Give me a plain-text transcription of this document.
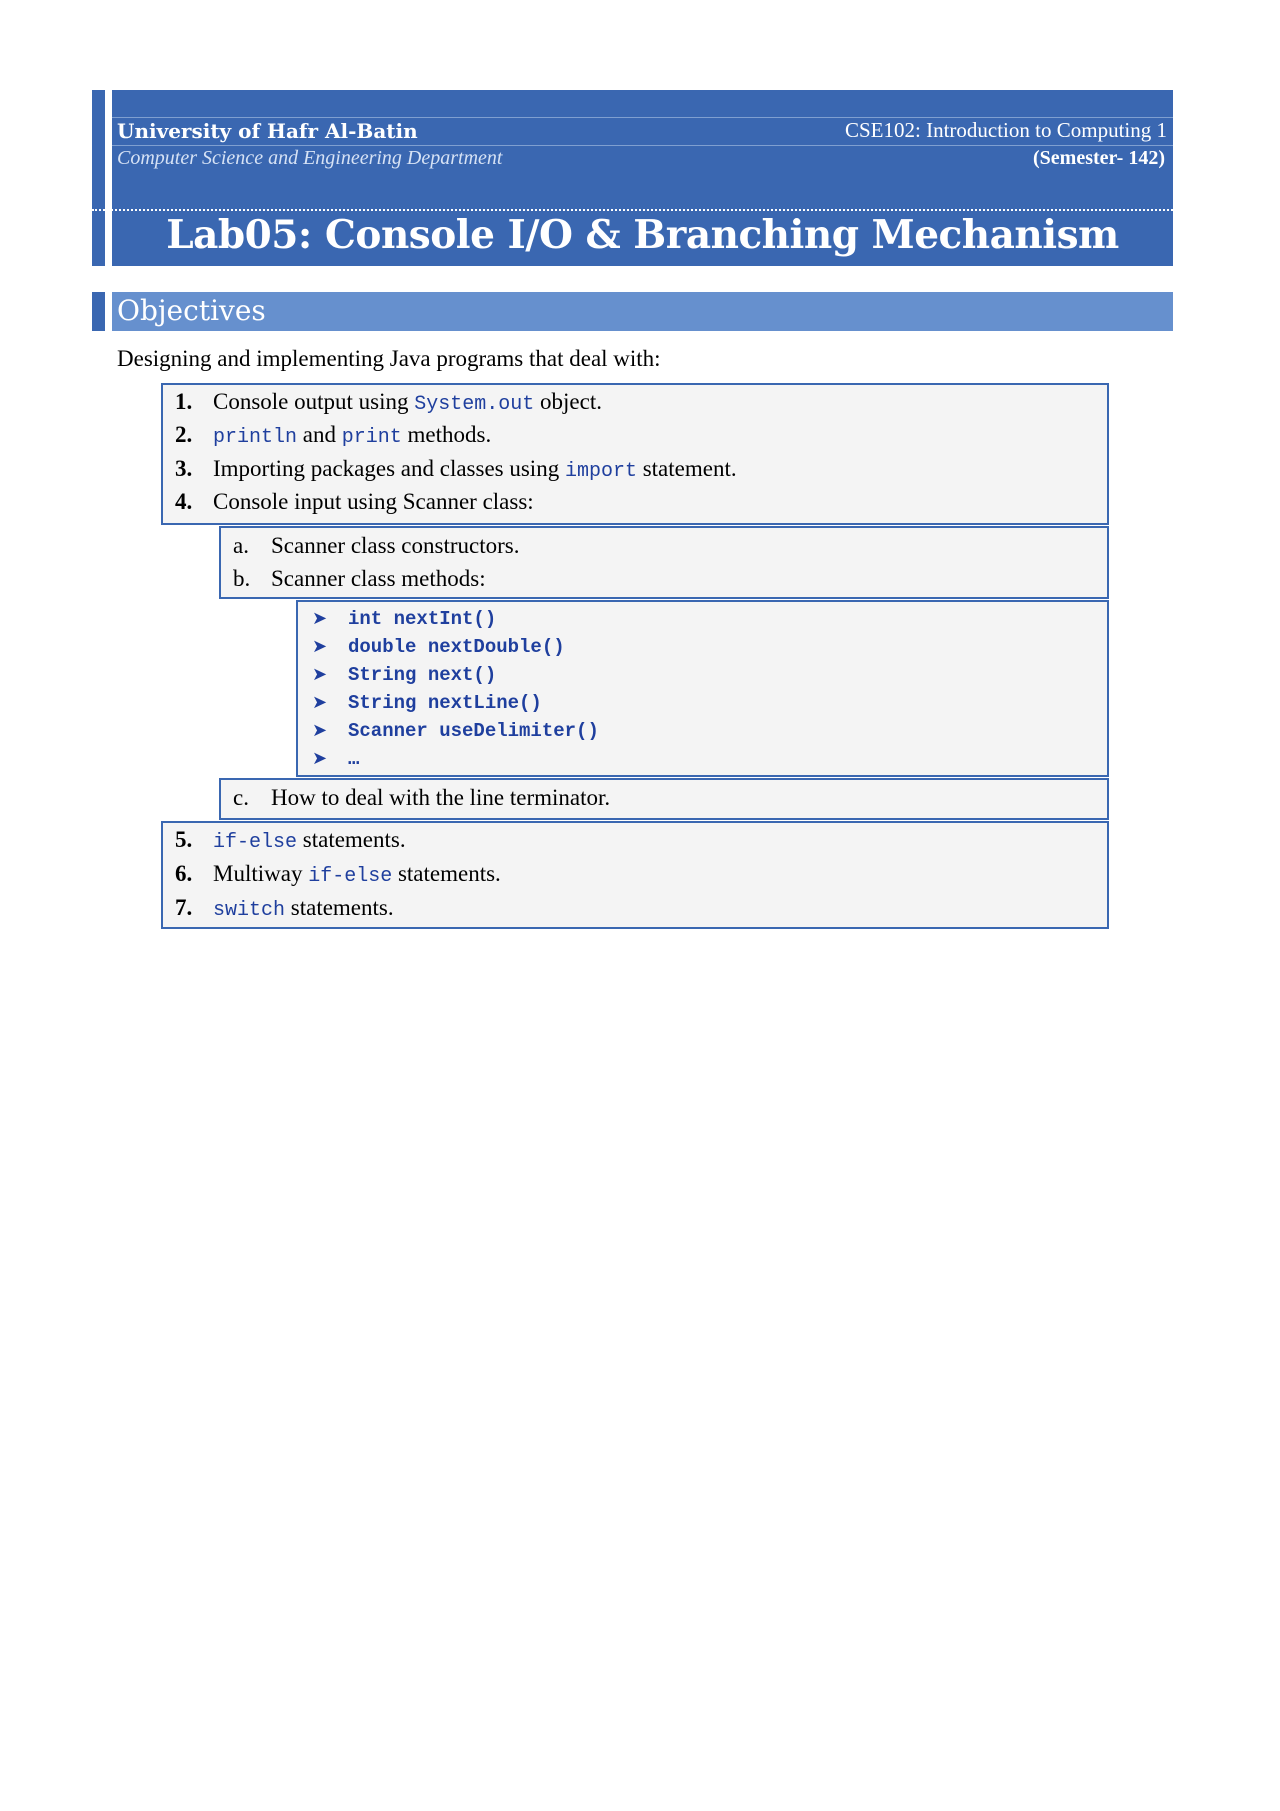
University of Hafr Al-Batin
Computer Science and Engineering Department
CSE102: Introduction to Computing 1
(Semester- 142)
Lab05: Console I/O & Branching Mechanism
Objectives
Designing and implementing Java programs that deal with:
1. Console output using System.out object.
2. println and print methods.
3. Importing packages and classes using import statement.
4. Console input using Scanner class:
a. Scanner class constructors.
b. Scanner class methods:
➤ int nextInt()
➤ double nextDouble()
➤ String next()
➤ String nextLine()
➤ Scanner useDelimiter()
➤ …
c. How to deal with the line terminator.
5. if-else statements.
6. Multiway if-else statements.
7. switch statements.
